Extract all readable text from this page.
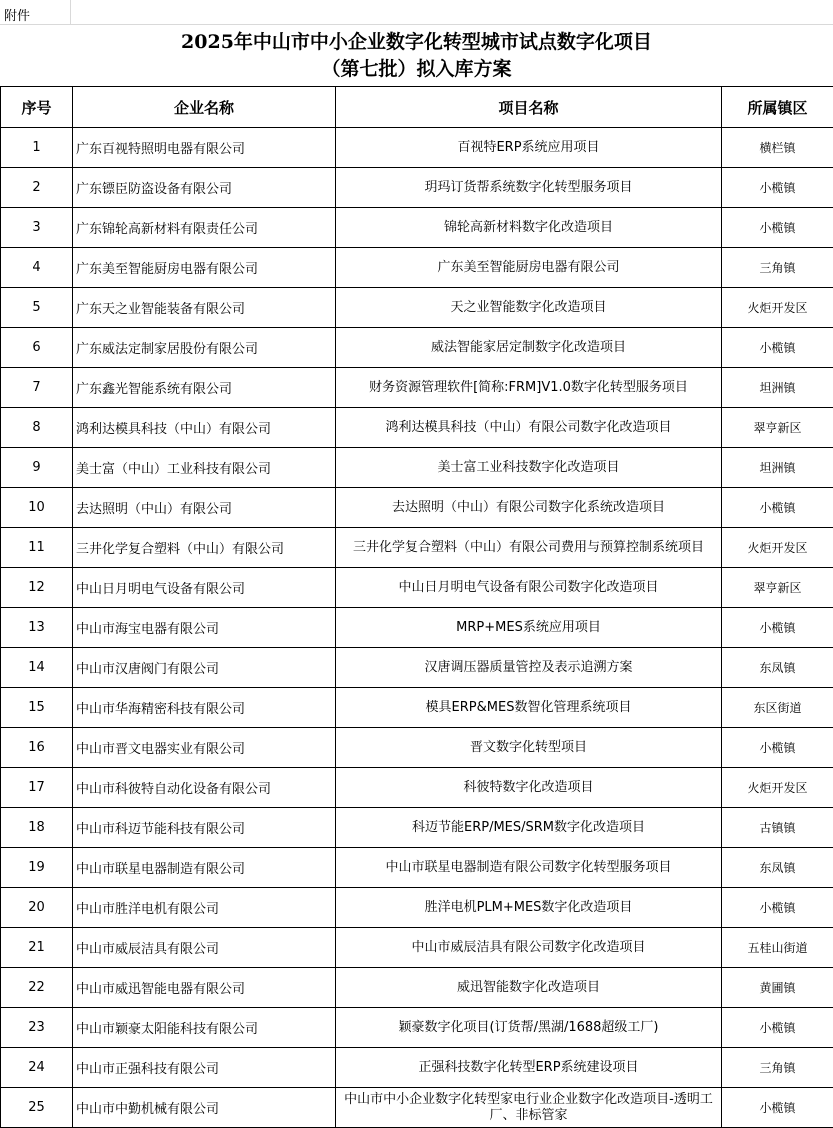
附件
2025年中山市中小企业数字化转型城市试点数字化项目
（第七批）拟入库方案
序号	企业名称	项目名称	所属镇区
1	广东百视特照明电器有限公司	百视特ERP系统应用项目	横栏镇
2	广东镖臣防盗设备有限公司	玥玛订货帮系统数字化转型服务项目	小榄镇
3	广东锦轮高新材料有限责任公司	锦轮高新材料数字化改造项目	小榄镇
4	广东美至智能厨房电器有限公司	广东美至智能厨房电器有限公司	三角镇
5	广东天之业智能装备有限公司	天之业智能数字化改造项目	火炬开发区
6	广东威法定制家居股份有限公司	威法智能家居定制数字化改造项目	小榄镇
7	广东鑫光智能系统有限公司	财务资源管理软件[简称:FRM]V1.0数字化转型服务项目	坦洲镇
8	鸿利达模具科技（中山）有限公司	鸿利达模具科技（中山）有限公司数字化改造项目	翠亨新区
9	美士富（中山）工业科技有限公司	美士富工业科技数字化改造项目	坦洲镇
10	去达照明（中山）有限公司	去达照明（中山）有限公司数字化系统改造项目	小榄镇
11	三井化学复合塑料（中山）有限公司	三井化学复合塑料（中山）有限公司费用与预算控制系统项目	火炬开发区
12	中山日月明电气设备有限公司	中山日月明电气设备有限公司数字化改造项目	翠亨新区
13	中山市海宝电器有限公司	MRP+MES系统应用项目	小榄镇
14	中山市汉唐阀门有限公司	汉唐调压器质量管控及表示追溯方案	东凤镇
15	中山市华海精密科技有限公司	模具ERP&MES数智化管理系统项目	东区街道
16	中山市晋文电器实业有限公司	晋文数字化转型项目	小榄镇
17	中山市科彼特自动化设备有限公司	科彼特数字化改造项目	火炬开发区
18	中山市科迈节能科技有限公司	科迈节能ERP/MES/SRM数字化改造项目	古镇镇
19	中山市联星电器制造有限公司	中山市联星电器制造有限公司数字化转型服务项目	东凤镇
20	中山市胜洋电机有限公司	胜洋电机PLM+MES数字化改造项目	小榄镇
21	中山市威辰洁具有限公司	中山市威辰洁具有限公司数字化改造项目	五桂山街道
22	中山市威迅智能电器有限公司	威迅智能数字化改造项目	黄圃镇
23	中山市颖豪太阳能科技有限公司	颖豪数字化项目(订货帮/黑湖/1688超级工厂)	小榄镇
24	中山市正强科技有限公司	正强科技数字化转型ERP系统建设项目	三角镇
25	中山市中勤机械有限公司	中山市中小企业数字化转型家电行业企业数字化改造项目-透明工厂、非标管家	小榄镇
